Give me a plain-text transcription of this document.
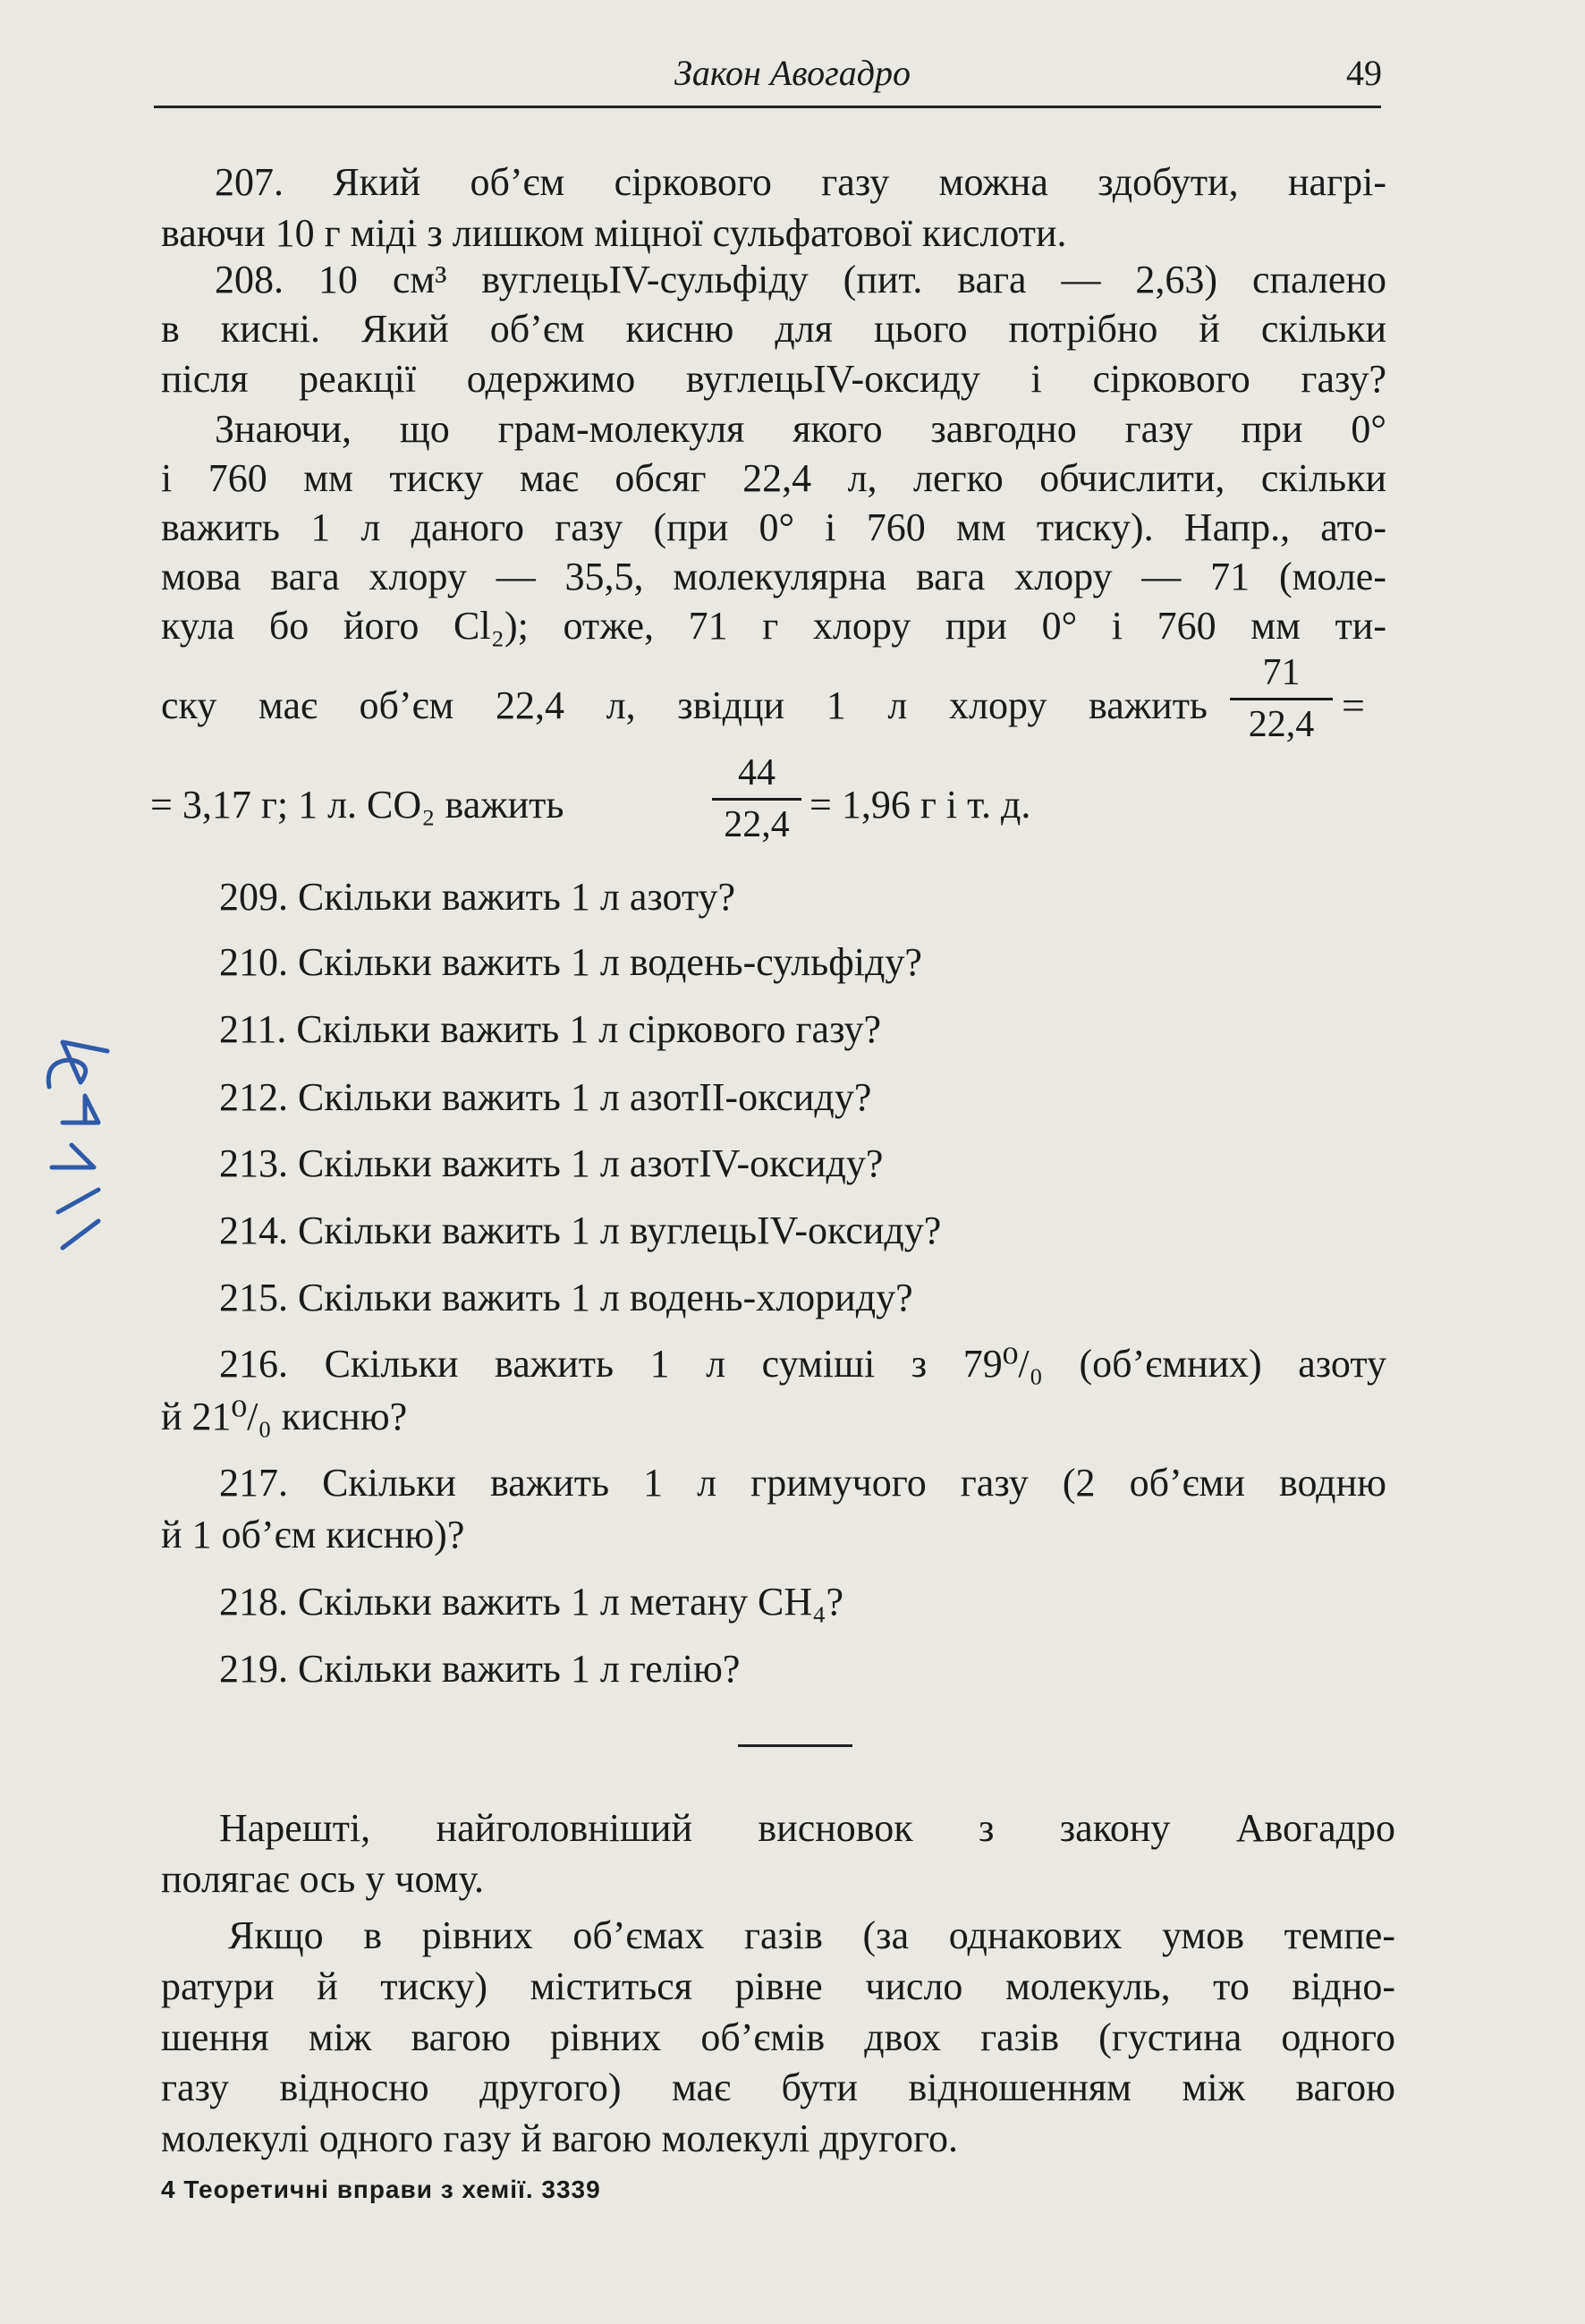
Закон Авогадро	49
207. Який об’єм сіркового газу можна здобути, нагрі-
ваючи 10 г міді з лишком міцної сульфатової кислоти.
208. 10 см³ вуглецьIV-сульфіду (пит. вага — 2,63) спалено
в кисні. Який об’єм кисню для цього потрібно й скільки
після реакції одержимо вуглецьIV-оксиду і сіркового газу?
Знаючи, що грам-молекуля якого завгодно газу при 0°
і 760 мм тиску має обсяг 22,4 л, легко обчислити, скільки
важить 1 л даного газу (при 0° і 760 мм тиску). Напр., ато-
мова вага хлору — 35,5, молекулярна вага хлору — 71 (моле-
кула бо його Cl₂); отже, 71 г хлору при 0° і 760 мм ти-
ску має об’єм 22,4 л, звідци 1 л хлору важить
71
22,4 =
= 3,17 г; 1 л. CO₂ важить
44
22,4 = 1,96 г і т. д.
209. Скільки важить 1 л азоту?
210. Скільки важить 1 л водень-сульфіду?
211. Скільки важить 1 л сіркового газу?
212. Скільки важить 1 л азотII-оксиду?
213. Скільки важить 1 л азотIV-оксиду?
214. Скільки важить 1 л вуглецьIV-оксиду?
215. Скільки важить 1 л водень-хлориду?
216. Скільки важить 1 л суміші з 79⁰/₀ (об’ємних) азоту
й 21⁰/₀ кисню?
217. Скільки важить 1 л гримучого газу (2 об’єми водню
й 1 об’єм кисню)?
218. Скільки важить 1 л метану CH₄?
219. Скільки важить 1 л гелію?
Нарешті, найголовніший висновок з закону Авогадро
полягає ось у чому.
Якщо в рівних об’ємах газів (за однакових умов темпе-
ратури й тиску) міститься рівне число молекуль, то відно-
шення між вагою рівних об’ємів двох газів (густина одного
газу відносно другого) має бути відношенням між вагою
молекулі одного газу й вагою молекулі другого.
4 Теоретичні вправи з хемії. 3339
